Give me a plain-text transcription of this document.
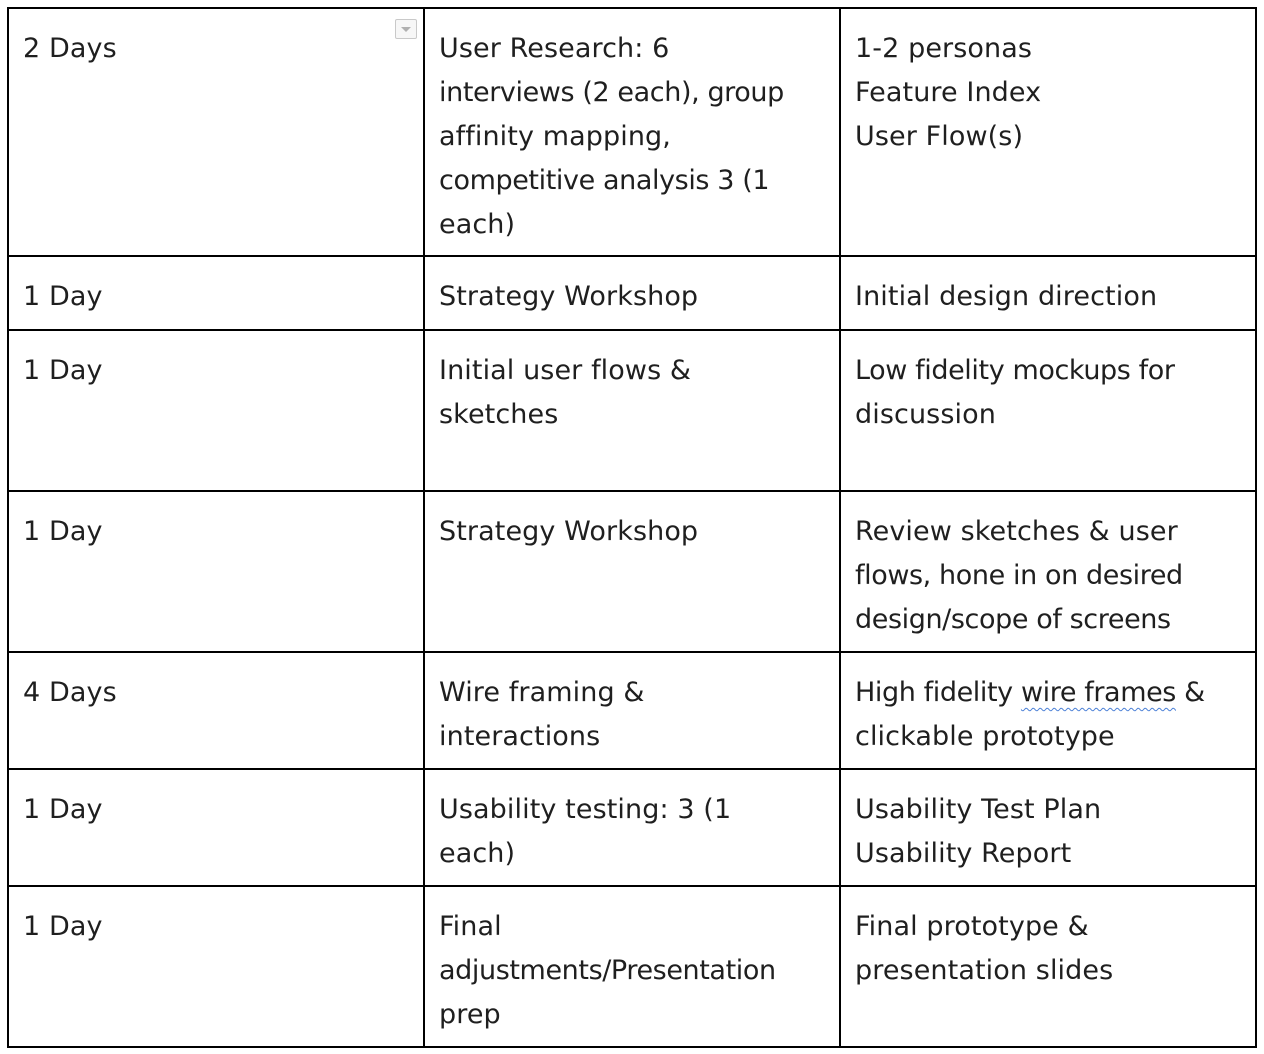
2 Days	User Research: 6
interviews (2 each), group
affinity mapping,
competitive analysis 3 (1
each)	1-2 personas
Feature Index
User Flow(s)

1 Day	Strategy Workshop	Initial design direction

1 Day	Initial user flows &
sketches	Low fidelity mockups for
discussion

1 Day	Strategy Workshop	Review sketches & user
flows, hone in on desired
design/scope of screens

4 Days	Wire framing &
interactions	High fidelity wire frames &
clickable prototype

1 Day	Usability testing: 3 (1
each)	Usability Test Plan
Usability Report

1 Day	Final
adjustments/Presentation
prep	Final prototype &
presentation slides
